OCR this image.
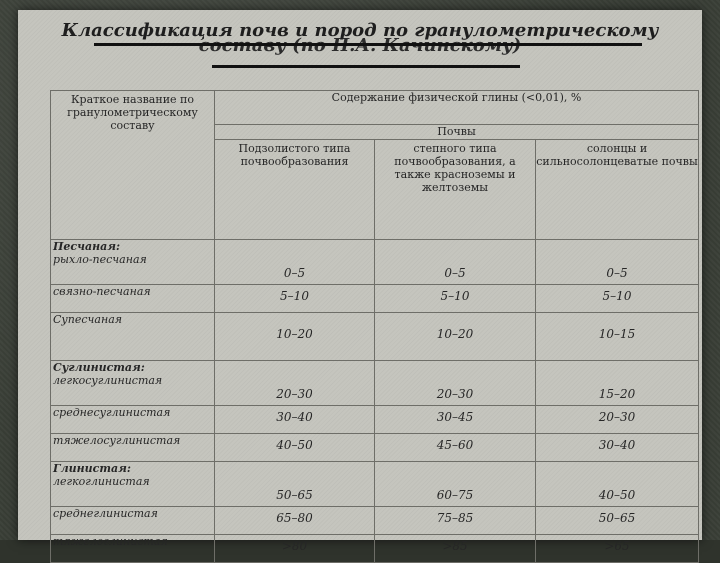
Классификация почв и пород по гранулометрическому
Краткое название по гранулометрическому составу	Содержание физической глины (<0,01), %		
	Почвы		
	Подзолистого типа почвообразования	степного типа почвообразования, а также красноземы и желтоземы	солонцы и сильносолонцеватые почвы

Песчаная:
рыхло-песчаная	0–5	0–5	0–5
связно-песчаная	5–10	5–10	5–10
Супесчаная	10–20	10–20	10–15

Суглинистая:
легкосуглинистая	20–30	20–30	15–20
среднесуглинистая	30–40	30–45	20–30
тяжелосуглинистая	40–50	45–60	30–40

Глинистая:
легкоглинистая	50–65	60–75	40–50
среднеглинистая	65–80	75–85	50–65
тяжелоглинистая	>80	>85	>65
